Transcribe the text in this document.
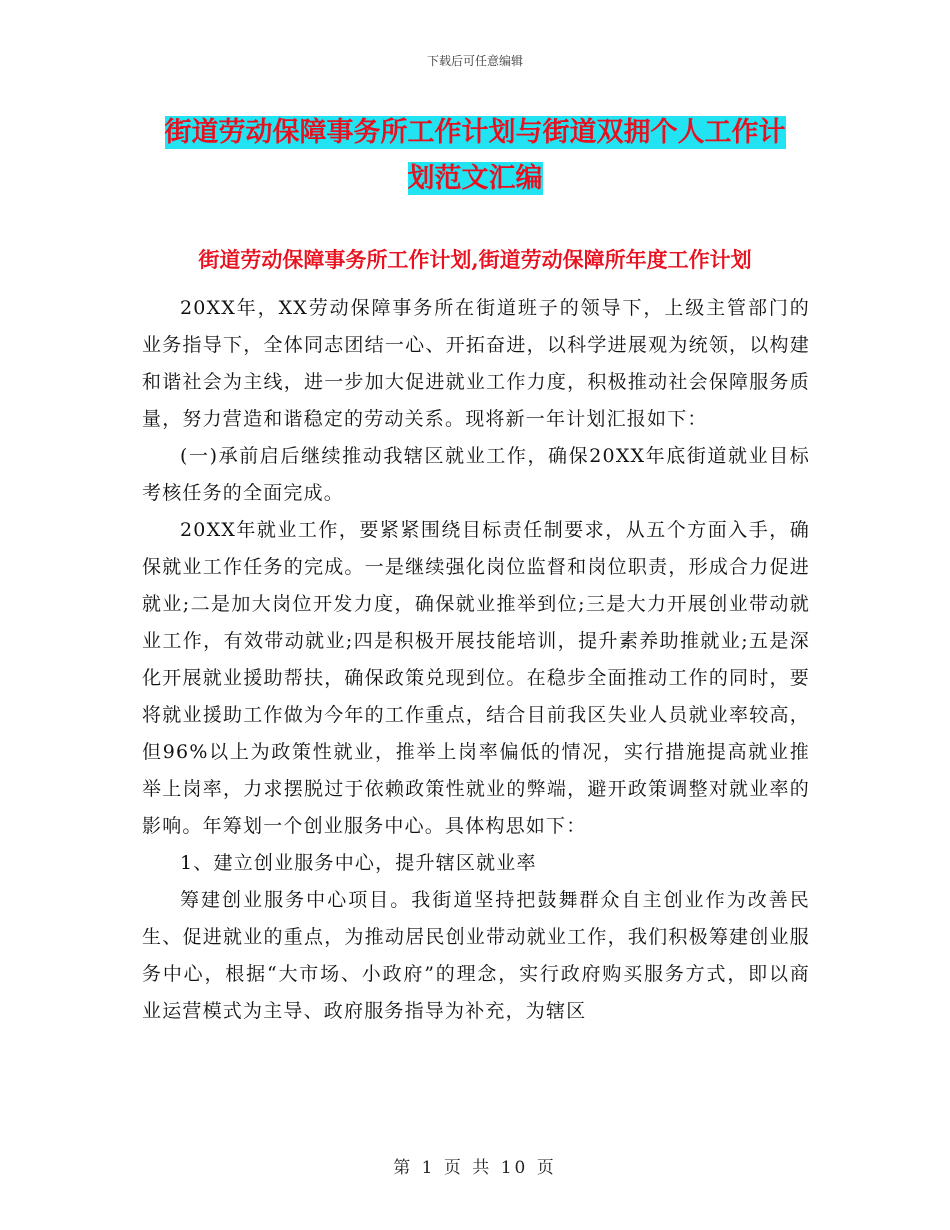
下载后可任意编辑
街道劳动保障事务所工作计划与街道双拥个人工作计
划范文汇编
街道劳动保障事务所工作计划,街道劳动保障所年度工作计划

20XX年，XX劳动保障事务所在街道班子的领导下，上级主管部门的业务指导下，全体同志团结一心、开拓奋进，以科学进展观为统领，以构建和谐社会为主线，进一步加大促进就业工作力度，积极推动社会保障服务质量，努力营造和谐稳定的劳动关系。现将新一年计划汇报如下：

(一)承前启后继续推动我辖区就业工作，确保20XX年底街道就业目标考核任务的全面完成。

20XX年就业工作，要紧紧围绕目标责任制要求，从五个方面入手，确保就业工作任务的完成。一是继续强化岗位监督和岗位职责，形成合力促进就业;二是加大岗位开发力度，确保就业推举到位;三是大力开展创业带动就业工作，有效带动就业;四是积极开展技能培训，提升素养助推就业;五是深化开展就业援助帮扶，确保政策兑现到位。在稳步全面推动工作的同时，要将就业援助工作做为今年的工作重点，结合目前我区失业人员就业率较高，但96%以上为政策性就业，推举上岗率偏低的情况，实行措施提高就业推举上岗率，力求摆脱过于依赖政策性就业的弊端，避开政策调整对就业率的影响。年筹划一个创业服务中心。具体构思如下：

1、建立创业服务中心，提升辖区就业率

筹建创业服务中心项目。我街道坚持把鼓舞群众自主创业作为改善民生、促进就业的重点，为推动居民创业带动就业工作，我们积极筹建创业服务中心，根据“大市场、小政府”的理念，实行政府购买服务方式，即以商业运营模式为主导、政府服务指导为补充，为辖区

第 1 页 共 10 页
